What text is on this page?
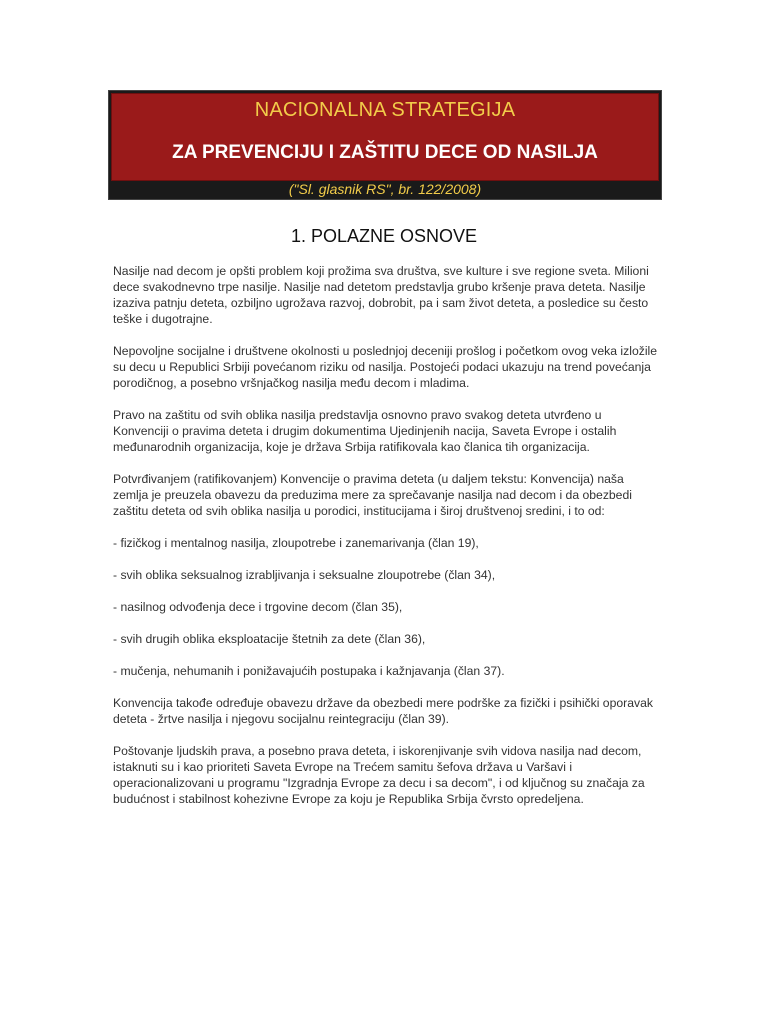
NACIONALNA STRATEGIJA
ZA PREVENCIJU I ZAŠTITU DECE OD NASILJA
("Sl. glasnik RS", br. 122/2008)
1. POLAZNE OSNOVE

Nasilje nad decom je opšti problem koji prožima sva društva, sve kulture i sve regione sveta. Milioni dece svakodnevno trpe nasilje. Nasilje nad detetom predstavlja grubo kršenje prava deteta. Nasilje izaziva patnju deteta, ozbiljno ugrožava razvoj, dobrobit, pa i sam život deteta, a posledice su često teške i dugotrajne.

Nepovoljne socijalne i društvene okolnosti u poslednjoj deceniji prošlog i početkom ovog veka izložile su decu u Republici Srbiji povećanom riziku od nasilja. Postojeći podaci ukazuju na trend povećanja porodičnog, a posebno vršnjačkog nasilja među decom i mladima.

Pravo na zaštitu od svih oblika nasilja predstavlja osnovno pravo svakog deteta utvrđeno u Konvenciji o pravima deteta i drugim dokumentima Ujedinjenih nacija, Saveta Evrope i ostalih međunarodnih organizacija, koje je država Srbija ratifikovala kao članica tih organizacija.

Potvrđivanjem (ratifikovanjem) Konvencije o pravima deteta (u daljem tekstu: Konvencija) naša zemlja je preuzela obavezu da preduzima mere za sprečavanje nasilja nad decom i da obezbedi zaštitu deteta od svih oblika nasilja u porodici, institucijama i široj društvenoj sredini, i to od:

- fizičkog i mentalnog nasilja, zloupotrebe i zanemarivanja (član 19),

- svih oblika seksualnog izrabljivanja i seksualne zloupotrebe (član 34),

- nasilnog odvođenja dece i trgovine decom (član 35),

- svih drugih oblika eksploatacije štetnih za dete (član 36),

- mučenja, nehumanih i ponižavajućih postupaka i kažnjavanja (član 37).

Konvencija takođe određuje obavezu države da obezbedi mere podrške za fizički i psihički oporavak deteta - žrtve nasilja i njegovu socijalnu reintegraciju (član 39).

Poštovanje ljudskih prava, a posebno prava deteta, i iskorenjivanje svih vidova nasilja nad decom, istaknuti su i kao prioriteti Saveta Evrope na Trećem samitu šefova država u Varšavi i operacionalizovani u programu "Izgradnja Evrope za decu i sa decom", i od ključnog su značaja za budućnost i stabilnost kohezivne Evrope za koju je Republika Srbija čvrsto opredeljena.
